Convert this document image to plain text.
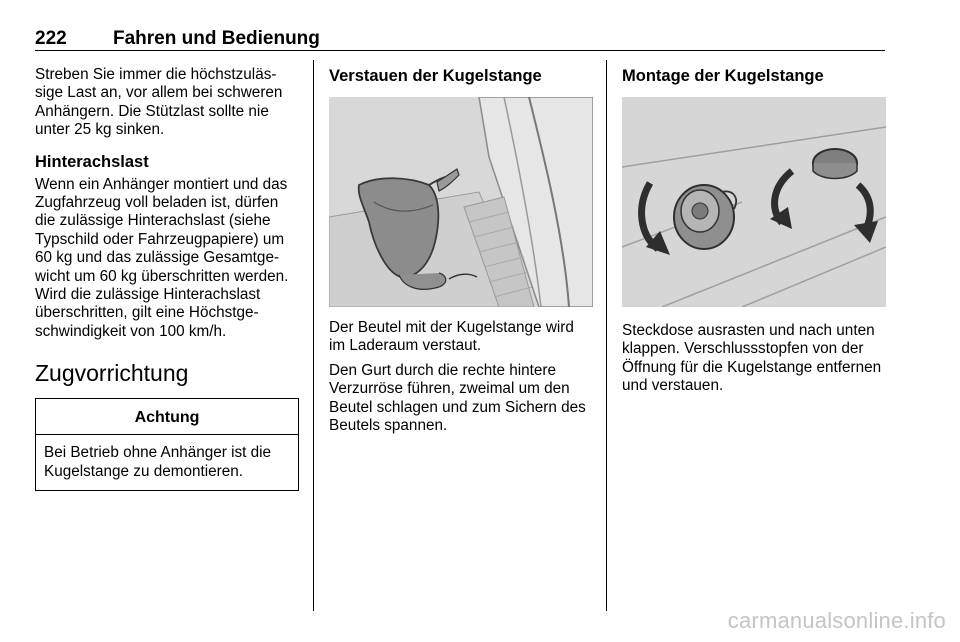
222 Fahren und Bedienung

Streben Sie immer die höchstzulässige Last an, vor allem bei schweren Anhängern. Die Stützlast sollte nie unter 25 kg sinken.

Hinterachslast

Wenn ein Anhänger montiert und das Zugfahrzeug voll beladen ist, dürfen die zulässige Hinterachslast (siehe Typschild oder Fahrzeugpapiere) um 60 kg und das zulässige Gesamtgewicht um 60 kg überschritten werden. Wird die zulässige Hinterachslast überschritten, gilt eine Höchstgeschwindigkeit von 100 km/h.

Zugvorrichtung
Achtung

Bei Betrieb ohne Anhänger ist die Kugelstange zu demontieren.

Verstauen der Kugelstange

Der Beutel mit der Kugelstange wird im Laderaum verstaut.

Den Gurt durch die rechte hintere Verzurröse führen, zweimal um den Beutel schlagen und zum Sichern des Beutels spannen.

Montage der Kugelstange

Steckdose ausrasten und nach unten klappen. Verschlussstopfen von der Öffnung für die Kugelstange entfernen und verstauen.

carmanualsonline.info
